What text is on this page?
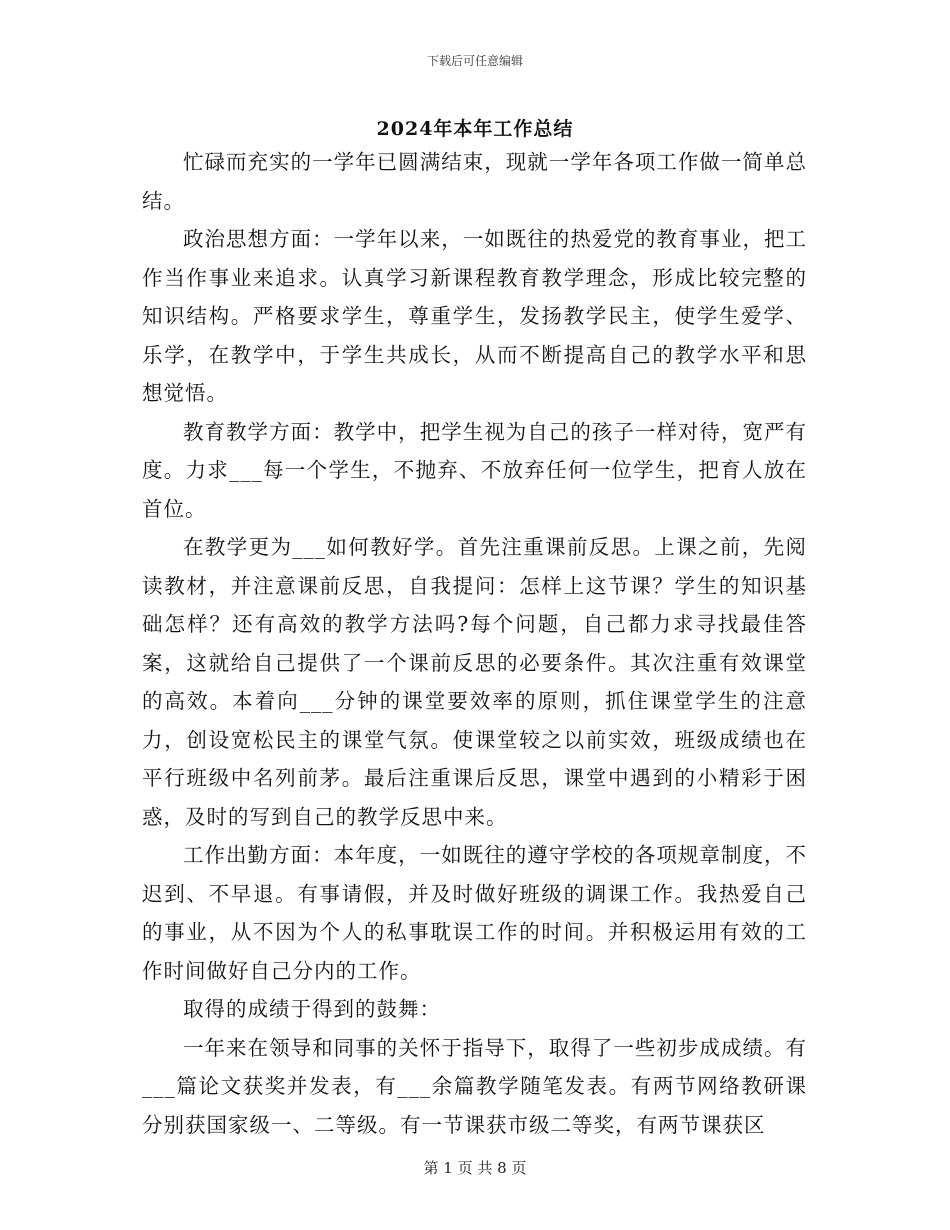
下载后可任意编辑
2024年本年工作总结

忙碌而充实的一学年已圆满结束，现就一学年各项工作做一简单总结。

政治思想方面：一学年以来，一如既往的热爱党的教育事业，把工作当作事业来追求。认真学习新课程教育教学理念，形成比较完整的知识结构。严格要求学生，尊重学生，发扬教学民主，使学生爱学、乐学，在教学中，于学生共成长，从而不断提高自己的教学水平和思想觉悟。

教育教学方面：教学中，把学生视为自己的孩子一样对待，宽严有度。力求___每一个学生，不抛弃、不放弃任何一位学生，把育人放在首位。

在教学更为___如何教好学。首先注重课前反思。上课之前，先阅读教材，并注意课前反思，自我提问：怎样上这节课？学生的知识基础怎样？还有高效的教学方法吗?每个问题，自己都力求寻找最佳答案，这就给自己提供了一个课前反思的必要条件。其次注重有效课堂的高效。本着向___分钟的课堂要效率的原则，抓住课堂学生的注意力，创设宽松民主的课堂气氛。使课堂较之以前实效，班级成绩也在平行班级中名列前茅。最后注重课后反思，课堂中遇到的小精彩于困惑，及时的写到自己的教学反思中来。

工作出勤方面：本年度，一如既往的遵守学校的各项规章制度，不迟到、不早退。有事请假，并及时做好班级的调课工作。我热爱自己的事业，从不因为个人的私事耽误工作的时间。并积极运用有效的工作时间做好自己分内的工作。

取得的成绩于得到的鼓舞：

一年来在领导和同事的关怀于指导下，取得了一些初步成成绩。有___篇论文获奖并发表，有___余篇教学随笔发表。有两节网络教研课分别获国家级一、二等级。有一节课获市级二等奖，有两节课获区

第 1 页 共 8 页
